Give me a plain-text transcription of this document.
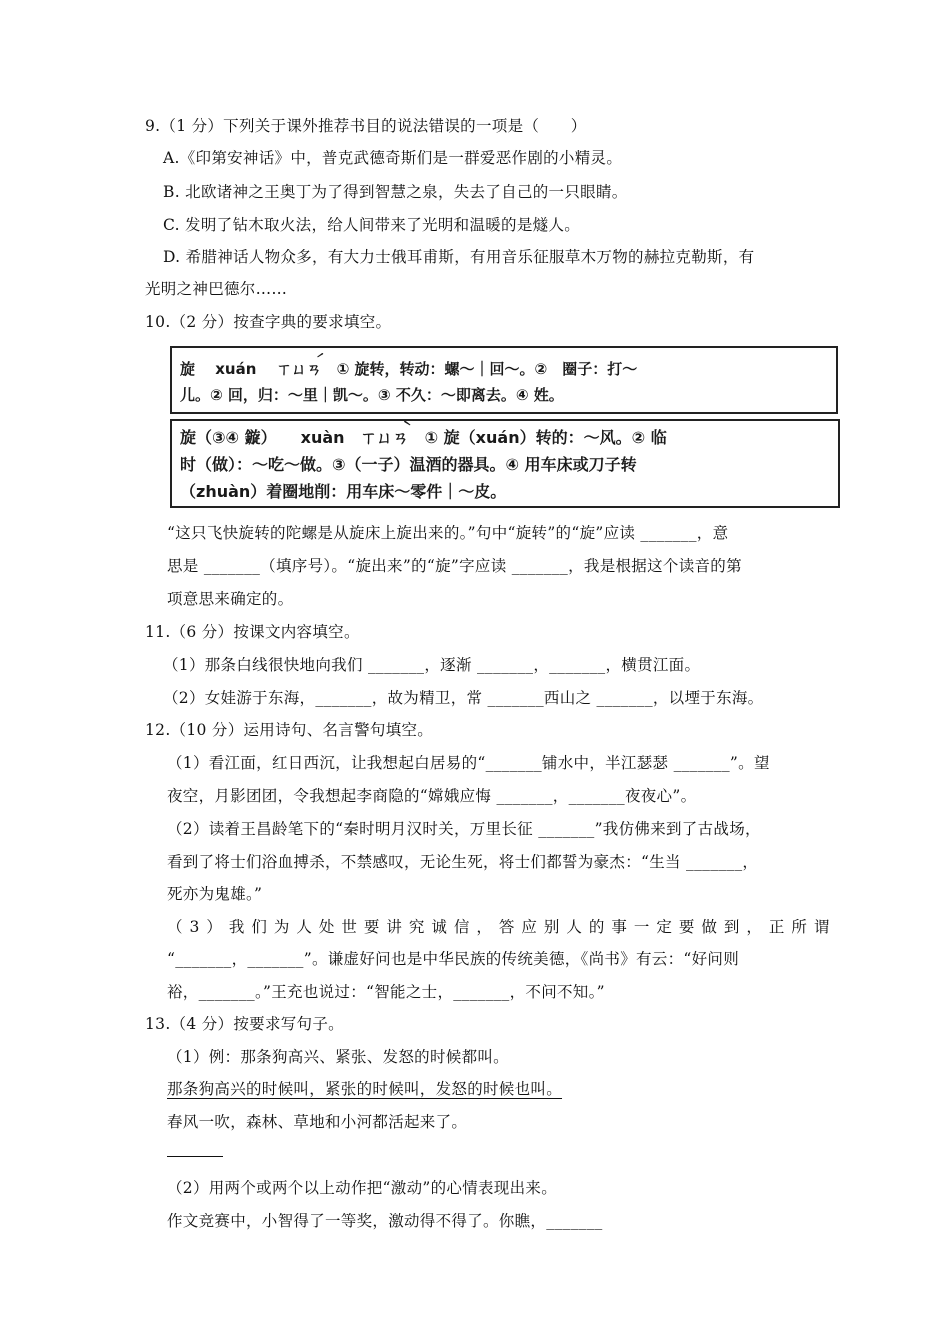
9.（1 分）下列关于课外推荐书目的说法错误的一项是（　　）
A.《印第安神话》中，普克武德奇斯们是一群爱恶作剧的小精灵。
B. 北欧诸神之王奥丁为了得到智慧之泉，失去了自己的一只眼睛。
C. 发明了钻木取火法，给人间带来了光明和温暖的是燧人。
D. 希腊神话人物众多，有大力士俄耳甫斯，有用音乐征服草木万物的赫拉克勒斯，有
光明之神巴德尔……
10.（2 分）按查字典的要求填空。
旋　 xuán　 ㄒㄩㄢ́　① 旋转，转动：螺～｜回～。②　圈子：打～
儿。② 回，归：～里｜凯～。③ 不久：～即离去。④ 姓。
旋（③④ 鏇）　　xuàn　ㄒㄩㄢ̀　① 旋（xuán）转的：～风。② 临
时（做）：～吃～做。③（一子）温酒的器具。④ 用车床或刀子转
（zhuàn）着圈地削：用车床～零件｜～皮。
“这只飞快旋转的陀螺是从旋床上旋出来的。”句中“旋转”的“旋”应读 _______，意
思是 _______（填序号）。“旋出来”的“旋”字应读 _______，我是根据这个读音的第
项意思来确定的。
11.（6 分）按课文内容填空。
（1）那条白线很快地向我们 _______，逐渐 _______，_______，横贯江面。
（2）女娃游于东海，_______，故为精卫，常 _______西山之 _______，以堙于东海。
12.（10 分）运用诗句、名言警句填空。
（1）看江面，红日西沉，让我想起白居易的“_______铺水中，半江瑟瑟 _______”。望
夜空，月影团团，令我想起李商隐的“嫦娥应悔 _______，_______夜夜心”。
（2）读着王昌龄笔下的“秦时明月汉时关，万里长征 _______”我仿佛来到了古战场，
看到了将士们浴血搏杀，不禁感叹，无论生死，将士们都誓为豪杰：“生当 _______，
死亦为鬼雄。”
（3）我们为人处世要讲究诚信，答应别人的事一定要做到，正所谓
“_______，_______”。谦虚好问也是中华民族的传统美德，《尚书》有云：“好问则
裕，_______。”王充也说过：“智能之士，_______，不问不知。”
13.（4 分）按要求写句子。
（1）例：那条狗高兴、紧张、发怒的时候都叫。
那条狗高兴的时候叫，紧张的时候叫，发怒的时候也叫。
春风一吹，森林、草地和小河都活起来了。
（2）用两个或两个以上动作把“激动”的心情表现出来。
作文竞赛中，小智得了一等奖，激动得不得了。你瞧，_______
